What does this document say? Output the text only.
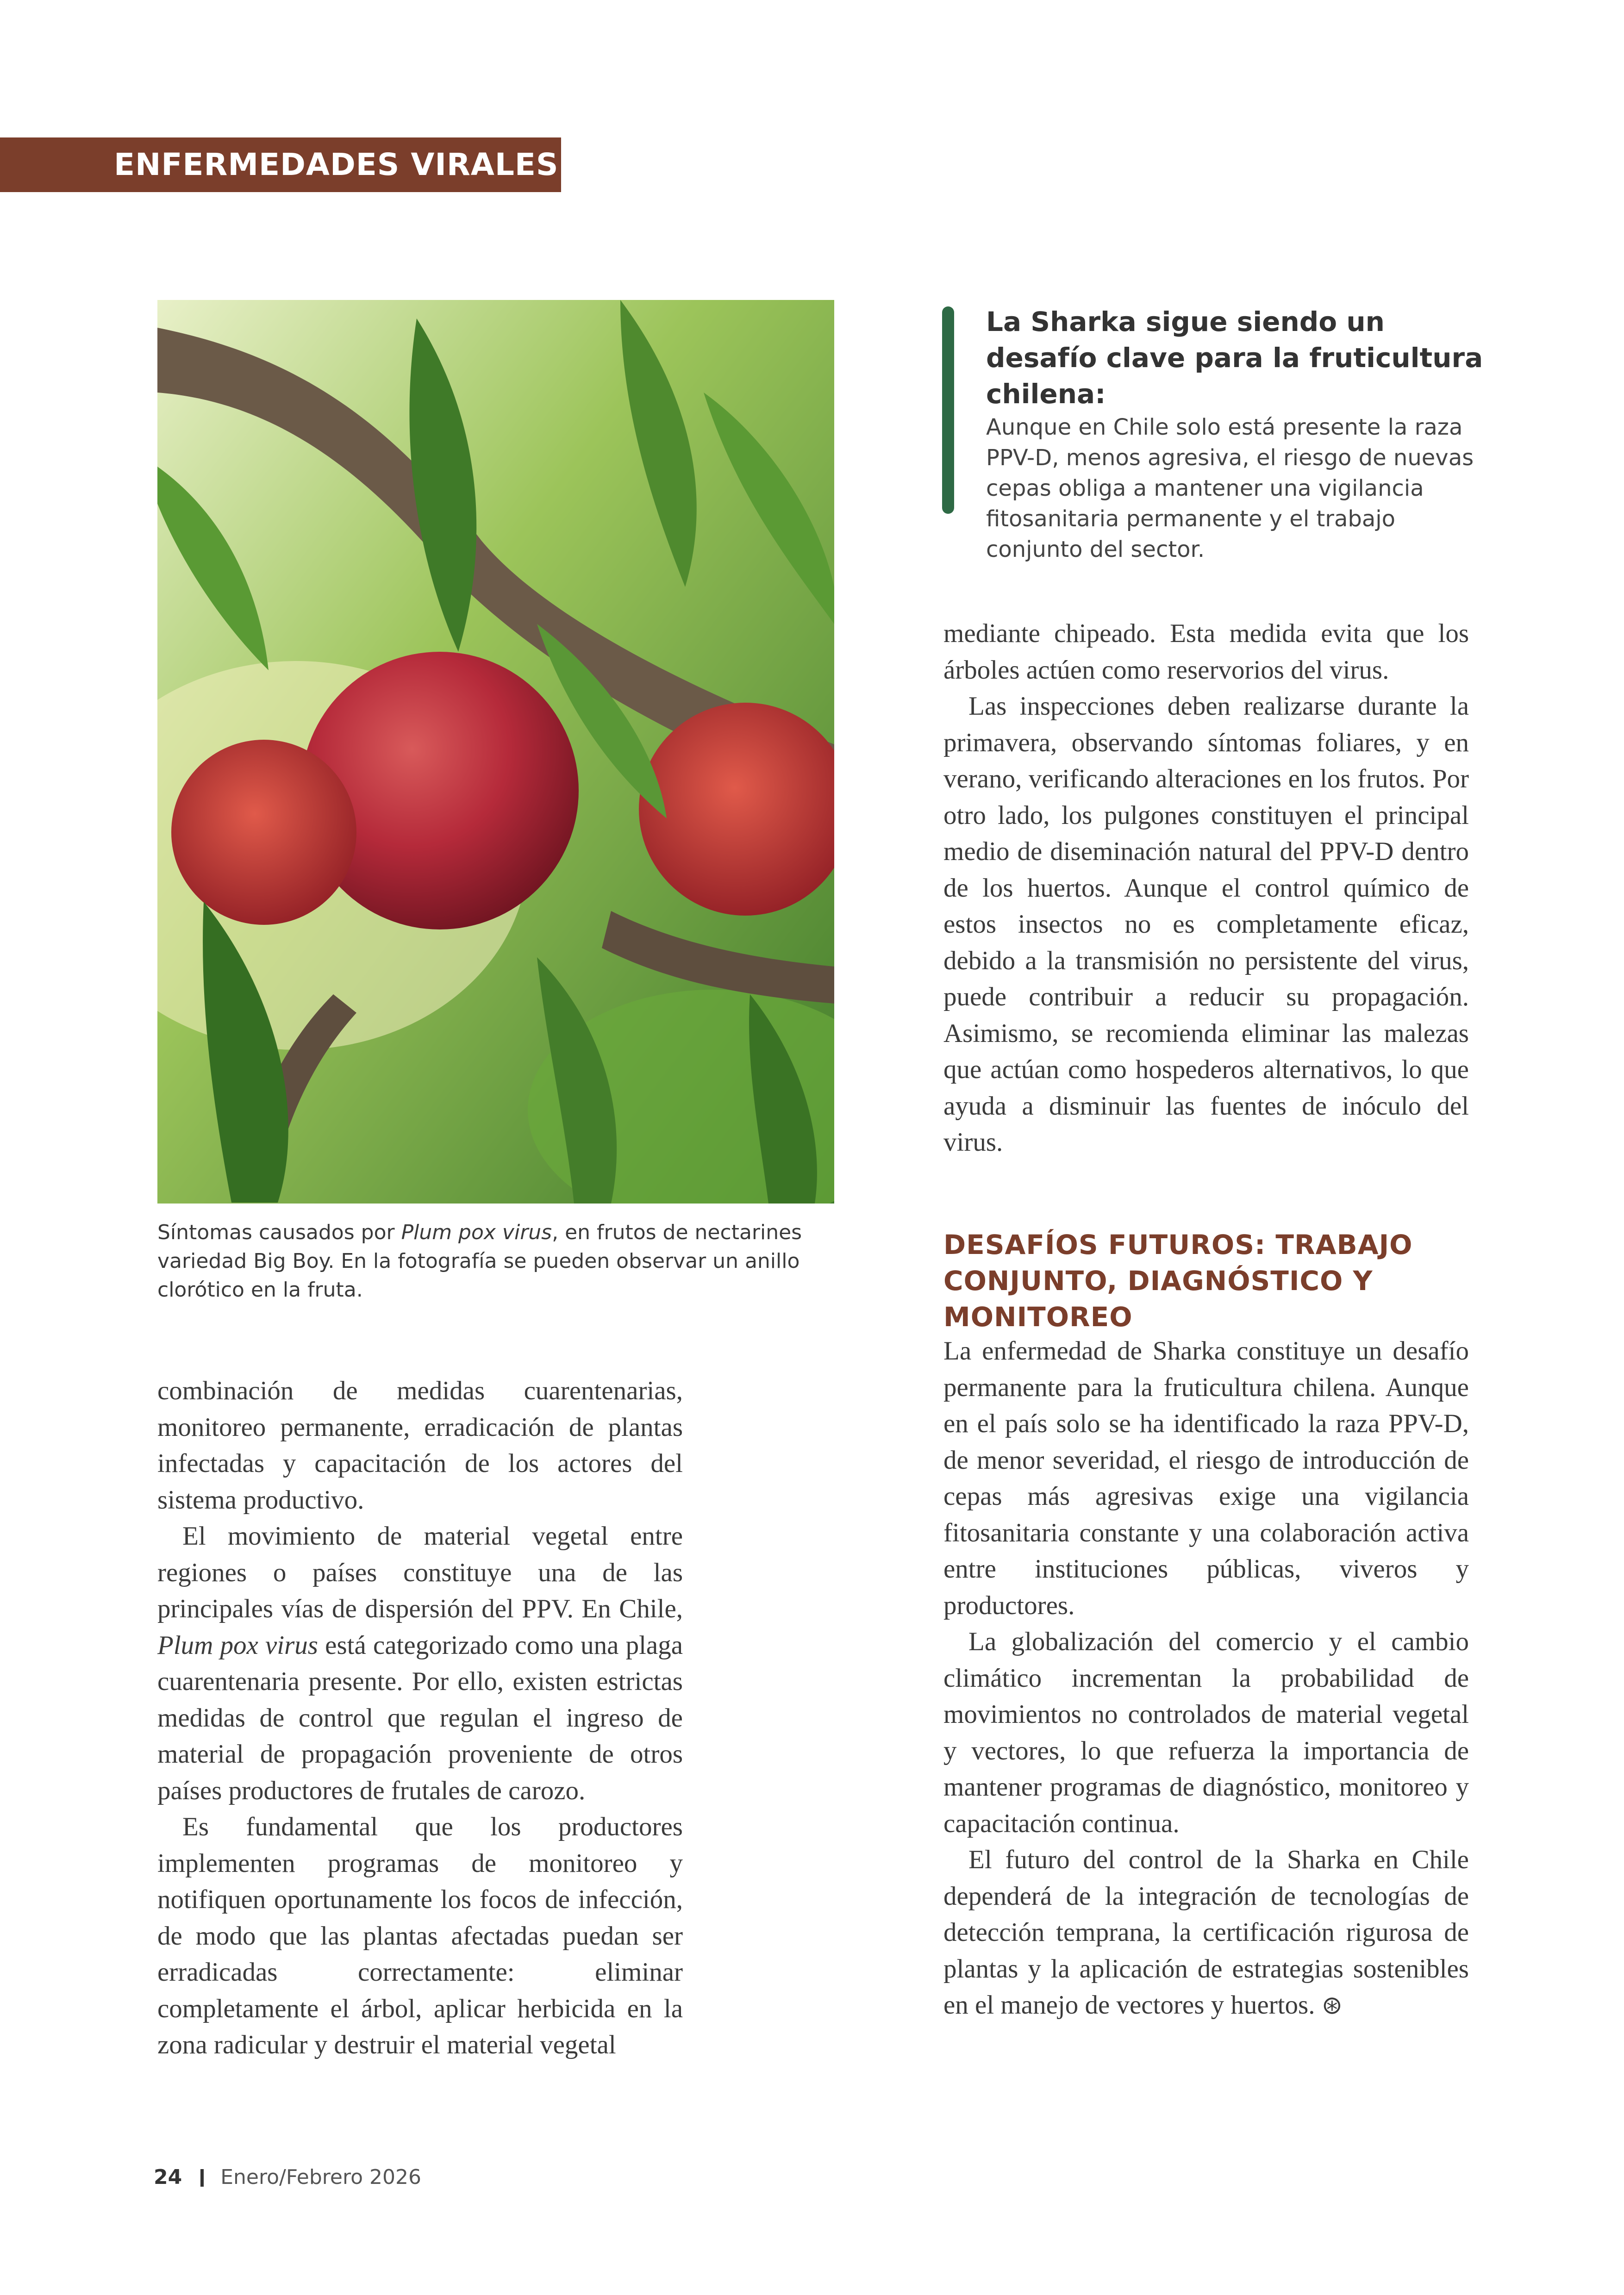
ENFERMEDADES VIRALES
Síntomas causados por Plum pox virus, en frutos de nectarines variedad Big Boy. En la fotografía se pueden observar un anillo clorótico en la fruta.
La Sharka sigue siendo un desafío clave para la fruticultura chilena:
Aunque en Chile solo está presente la raza PPV-D, menos agresiva, el riesgo de nuevas cepas obliga a mantener una vigilancia fitosanitaria permanente y el trabajo conjunto del sector.

combinación de medidas cuarentenarias, monitoreo permanente, erradicación de plantas infectadas y capacitación de los actores del sistema productivo.

El movimiento de material vegetal entre regiones o países constituye una de las principales vías de dispersión del PPV. En Chile, Plum pox virus está categorizado como una plaga cuarentenaria presente. Por ello, existen estrictas medidas de control que regulan el ingreso de material de propagación proveniente de otros países productores de frutales de carozo.

Es fundamental que los productores implementen programas de monitoreo y notifiquen oportunamente los focos de infección, de modo que las plantas afectadas puedan ser erradicadas correctamente: eliminar completamente el árbol, aplicar herbicida en la zona radicular y destruir el material vegetal

mediante chipeado. Esta medida evita que los árboles actúen como reservorios del virus.

Las inspecciones deben realizarse durante la primavera, observando síntomas foliares, y en verano, verificando alteraciones en los frutos. Por otro lado, los pulgones constituyen el principal medio de diseminación natural del PPV-D dentro de los huertos. Aunque el control químico de estos insectos no es completamente eficaz, debido a la transmisión no persistente del virus, puede contribuir a reducir su propagación. Asimismo, se recomienda eliminar las malezas que actúan como hospederos alternativos, lo que ayuda a disminuir las fuentes de inóculo del virus.

DESAFÍOS FUTUROS: TRABAJO CONJUNTO, DIAGNÓSTICO Y MONITOREO

La enfermedad de Sharka constituye un desafío permanente para la fruticultura chilena. Aunque en el país solo se ha identificado la raza PPV-D, de menor severidad, el riesgo de introducción de cepas más agresivas exige una vigilancia fitosanitaria constante y una colaboración activa entre instituciones públicas, viveros y productores.

La globalización del comercio y el cambio climático incrementan la probabilidad de movimientos no controlados de material vegetal y vectores, lo que refuerza la importancia de mantener programas de diagnóstico, monitoreo y capacitación continua.

El futuro del control de la Sharka en Chile dependerá de la integración de tecnologías de detección temprana, la certificación rigurosa de plantas y la aplicación de estrategias sostenibles en el manejo de vectores y huertos. ⊛

24 Enero/Febrero 2026
